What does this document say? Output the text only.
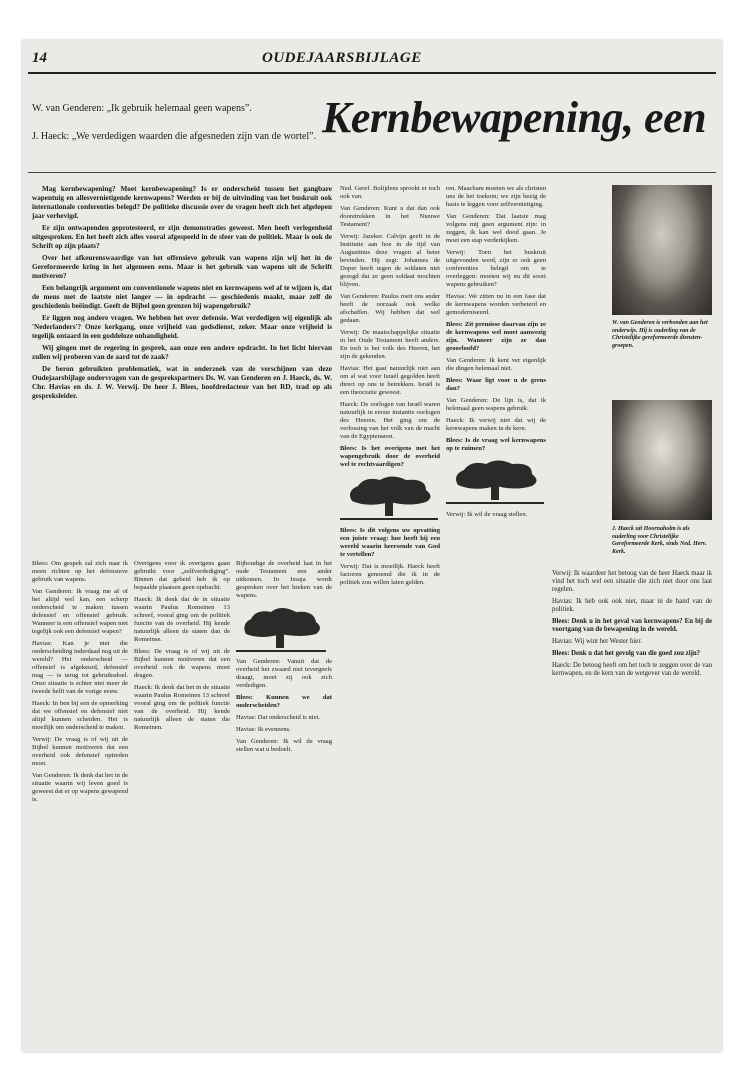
14	OUDEJAARSBIJLAGE
W. van Genderen: „Ik gebruik helemaal geen wapens”.
J. Haeck: „We verdedigen waarden die afgesneden zijn van de wortel”. Kernbewapening, een

Mag kernbewapening? Moet kernbewapening? Is er onderscheid tussen het gangbare wapentuig en allesvernietigende kernwapens? Werden er bij de uitvinding van het buskruit ook internationale conferenties belegd? De politieke discussie over de vragen heeft zich het afgelopen jaar verhevigd.

Er zijn ontwapenden geprotesteerd, er zijn demonstraties geweest. Men heeft verlegenheid uitgesproken. En het heeft zich alles vooral afgespeeld in de sfeer van de politiek. Maar is ook de Schrift op zijn plaats?

Over het afkeurenswaardige van het offensieve gebruik van wapens zijn wij het in de Gereformeerde kring in het algemeen eens. Maar is het gebruik van wapens uit de Schrift motiveren?

Een belangrijk argument om conventionele wapens niet en kernwapens wel af te wijzen is, dat de mens met de laatste niet langer — in opdracht — geschiedenis maakt, maar zelf de geschiedenis beëindigt. Geeft de Bijbel geen grenzen bij wapengebruik?

Er liggen nog andere vragen. We hebben het over defensie. Wat verdedigen wij eigenlijk als 'Nederlanders'? Onze kerkgang, onze vrijheid van godsdienst, zeker. Maar onze vrijheid is tegelijk ontaard in een goddeloze onbandigheid.

Wij gingen met de regering in gesprek, aan onze een andere opdracht. In het licht hiervan zullen wij proberen van de aard tot de zaak?

De beron gebruikten problematiek, wat in onderzoek van de verschijnen van deze Oudejaarsbijlage ondervragen van de gesprekspartners Ds. W. van Genderen en J. Haeck, ds. W. Chr. Havias en ds. J. W. Verwij. De heer J. Blees, hoofdredacteur van het RD, trad op als gespreksleider.

Blees: Om gespek zal zich naar ik meen richten op het defensieve gebruik van wapens.

Van Genderen: Ik vraag me af of het altijd wel kan, een scherp onderscheid te maken tussen defensief en offensief gebruik. Wanneer is een offensief wapen niet tegelijk ook een defensief wapen?

Havias: Kan je niet die onderscheiding inderdaad nog uit de wereld? Het onderscheid — offensief is afgekeurd, defensief mag — is terug tot gebruiksdoel. Onze situatie is echter niet meer de tweede helft van de vorige eeuw.

Haeck: In ben bij een de opmerking dat we offensief en defensief niet altijd kunnen scheiden. Het is moeilijk om onderscheid te maken.

Verwij: De vraag is of wij uit de Bijbel kunnen motiveren dat een overheid ook defensief optreden moet.

Van Genderen: Ik denk dat het in de situatie waarin wij leven goed is geweest dat er op wapens gewapend is.

Overigens voor ik overigens gaan gebruikt voor „zelfverdediging”. Binnen dat gebeid heb ik op bepaalde plaatsen geen opdracht.

Haeck: Ik denk dat de in situatie waarin Paulus Romeinen 13 schreef, vooral ging om de politiek functie van de overheid. Hij kende natuurlijk alleen de staten dan de Romeinse.

Blees: De vraag is of wij uit de Bijbel kunnen motiveren dat een overheid ook de wapens moet dragen.

Haeck: Ik denk dat het in de situatie waarin Paulus Romeinen 13 schreef vooral ging om de politiek functie van de overheid. Hij kende natuurlijk alleen de staten die Romeinen.

Bijhoudige de overheid laat in het oude Testament een ander uitkomen. In Jesaja wordt gesproken over het breken van de wapens.

Van Genderen: Vanuit dat de overheid het zwaard niet tevergeefs draagt, moet zij ook zich verdedigen.

Blees: Kunnen we dat onderscheiden?

Havias: Dat onderscheid is niet.

Havias: Ik eveneens.

Van Genderen: Ik wil de vraag stellen wat u bedoelt.

Ned. Geref. Bolijdens sprookt er toch ook van.

Van Genderen: Kunt u dat dan ook dooretrekken in het Nieuwe Testament?

Verwij: Jazeker. Calvijn geeft in de Institutie aan hoe in de tijd van Augustinus deze vragen al beter bevinden. Hij zegt: Johannes de Doper heeft tegen de soldaten niet gezegd dat ze geen soldaat mochten blijven.

Van Genderen: Paulus roeit ons ander heeft de oorzaak ook welke afschaffen. Wij hebben dat wel gedaan.

Verwij: De maatschappelijke situatie in het Oude Testament heeft anders. En toch is het volk des Heeren, het zijn de gekenden.

Havias: Het gaat natuurlijk niet aan om al wat voor Israël gegolden heeft direct op ons te betrekken. Israël is een theocratie geweest.

Haeck: De oorlogen van Israël waren natuurlijk in eerste instantie oorlogen des Heeren. Het ging om de verlossing van het volk van de macht van de Egyptenaren.

Blees: Is het overigens met het wapengebruik door de overheid wel te rechtvaardigen?

Blees: Is dit volgens uw opvatting een juiste vraag: hoe heeft hij een wereld waarin heersende van God te vertellen?

Verwij: Dat is moeilijk. Haeck heeft factoren genoemd die ik in de politiek zou willen laten gelden.

ren. Maacham moeten we als christen uns de het toekom; we zijn bezig de basis te leggen voor zelfvernietiging.

Van Genderen: Dat laatste mag volgens mij geen argument zijn: in zeggen, ik kan wel dood gaan. Je moet een stap verderkijken.

Verwij: Toen het buskruit uitgevonden werd, zijn er ook geen conferenties belegd om te overleggen: moeten wij nu dit soort wapens gebruiken?

Havias: We zitten nu in een fase dat de kernwapens worden verbeterd en gemoderniseerd.

Blees: Zit premisse daarvan zijn ze de kernwapens wel moet aanwezig zijn. Wanneer zijn ze dan geoorloofd?

Van Genderen: Ik kent ver eigenlijk die dingen helemaal niet.

Blees: Waar ligt voor u de grens dan?

Van Genderen: De lijn is, dat ik helemaal geen wapens gebruik.

Haeck: Ik verwij niet dat wij de kernwapens maken in de kern.

Blees: Is de vraag wel kernwapens op te ruimen?

Verwij: Ik wil de vraag stellen.

W. van Genderen is verbonden aan het onderwijs. Hij is ouderling van de Christelijke gereformeerde diensten-groepen.
J. Haeck uit Hoornaholm is als ouderling voor Christelijke Gereformeerde Kerk, sinds Ned. Herv. Kerk.

Verwij: Ik waardeer het betoog van de heer Haeck maar ik vind het toch wel een situatie die zich niet door ons laat regelen.

Havias: Ik heb ook ook niet, maar in de hand van de politiek.

Blees: Denk u in het geval van kernwapens? En bij de voortgang van de bewapening in de wereld.

Havias: Wij wint het Wester hier.

Blees: Denk u dat het gevolg van die goed zou zijn?

Haeck: De betoog heeft om het toch te zeggen over de van kernwapen, en de kern van de wetgever van de wereld.
